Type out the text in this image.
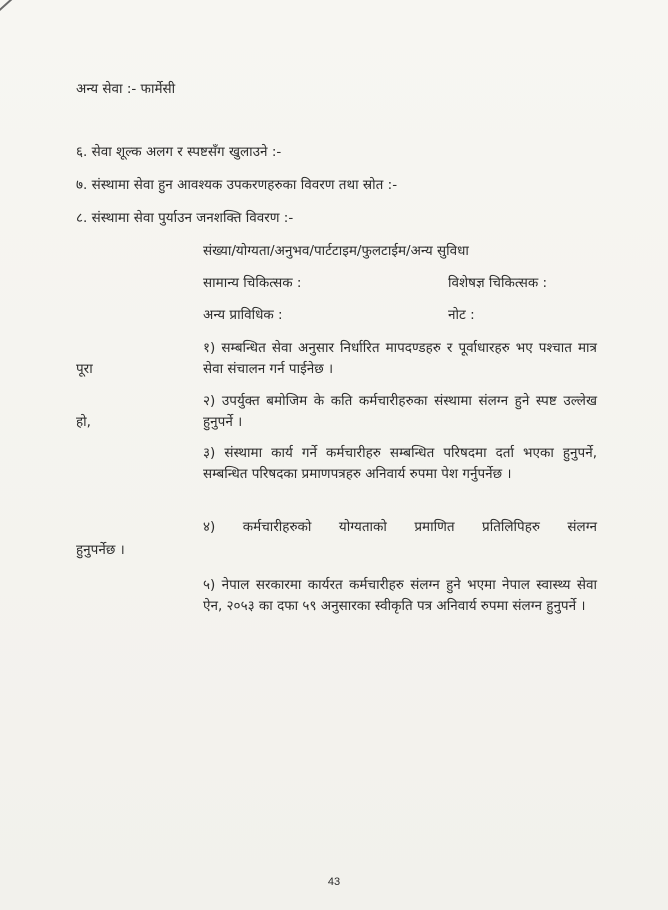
अन्य सेवा :- फार्मेसी
६. सेवा शूल्क अलग र स्पष्टसँग खुलाउने :-
७. संस्थामा सेवा हुन आवश्यक उपकरणहरुका विवरण तथा स्रोत :-
८. संस्थामा सेवा पुर्याउन जनशक्ति विवरण :-
संख्या/योग्यता/अनुभव/पार्टटाइम/फुलटाईम/अन्य सुविधा
सामान्य चिकित्सक :	विशेषज्ञ चिकित्सक :
अन्य प्राविधिक :	नोट :
पूरा
हो,
हुनुपर्नेछ ।
१) सम्बन्धित सेवा अनुसार निर्धारित मापदण्डहरु र पूर्वाधारहरु भए पश्चात मात्र सेवा संचालन गर्न पाईनेछ ।
२) उपर्युक्त बमोजिम के कति कर्मचारीहरुका संस्थामा संलग्न हुने स्पष्ट उल्लेख हुनुपर्ने ।
३) संस्थामा कार्य गर्ने कर्मचारीहरु सम्बन्धित परिषदमा दर्ता भएका हुनुपर्ने, सम्बन्धित परिषदका प्रमाणपत्रहरु अनिवार्य रुपमा पेश गर्नुपर्नेछ ।
४) कर्मचारीहरुको योग्यताको प्रमाणित प्रतिलिपिहरु संलग्न
५) नेपाल सरकारमा कार्यरत कर्मचारीहरु संलग्न हुने भएमा नेपाल स्वास्थ्य सेवा ऐन, २०५३ का दफा ५९ अनुसारका स्वीकृति पत्र अनिवार्य रुपमा संलग्न हुनुपर्ने ।
43
